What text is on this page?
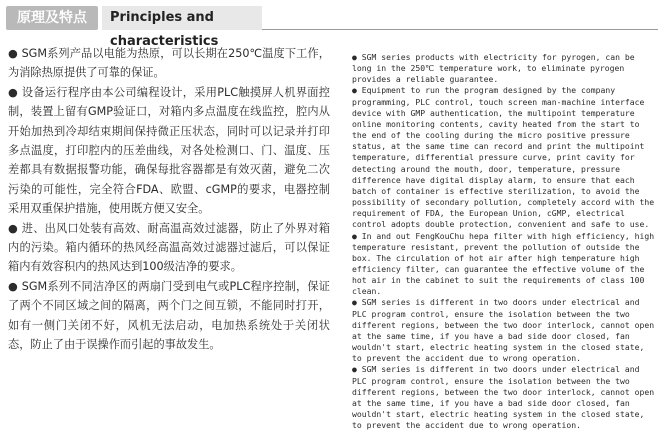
原理及特点	Principles and characteristics

● SGM系列产品以电能为热原，可以长期在250℃温度下工作，为消除热原提供了可靠的保证。

● 设备运行程序由本公司编程设计，采用PLC触摸屏人机界面控制，装置上留有GMP验证口，对箱内多点温度在线监控，腔内从开始加热到冷却结束期间保持微正压状态，同时可以记录并打印多点温度，打印腔内的压差曲线，对各处检测口、门、温度、压差都具有数据报警功能，确保每批容器都是有效灭菌，避免二次污染的可能性，完全符合FDA、欧盟、cGMP的要求，电器控制采用双重保护措施，使用既方便又安全。

● 进、出风口处装有高效、耐高温高效过滤器，防止了外界对箱内的污染。箱内循环的热风经高温高效过滤器过滤后，可以保证箱内有效容积内的热风达到100级洁净的要求。

● SGM系列不同洁净区的两扇门受到电气或PLC程序控制，保证了两个不同区域之间的隔离，两个门之间互锁，不能同时打开，如有一侧门关闭不好，风机无法启动，电加热系统处于关闭状态，防止了由于误操作而引起的事故发生。

● SGM series products with electricity for pyrogen, can be long in the 250℃ temperature work, to eliminate pyrogen provides a reliable guarantee.

● Equipment to run the program designed by the company programming, PLC control, touch screen man-machine interface device with GMP authentication, the multipoint temperature online monitoring contents, cavity heated from the start to the end of the cooling during the micro positive pressure status, at the same time can record and print the multipoint temperature, differential pressure curve, print cavity for detecting around the mouth, door, temperature, pressure difference have digital display alarm, to ensure that each batch of container is effective sterilization, to avoid the possibility of secondary pollution, completely accord with the requirement of FDA, the European Union, cGMP, electrical control adopts double protection, convenient and safe to use.

● In and out FengKouChu hepa filter with high efficiency, high temperature resistant, prevent the pollution of outside the box. The circulation of hot air after high temperature high efficiency filter, can guarantee the effective volume of the hot air in the cabinet to suit the requirements of class 100 clean.

● SGM series is different in two doors under electrical and PLC program control, ensure the isolation between the two different regions, between the two door interlock, cannot open at the same time, if you have a bad side door closed, fan wouldn't start, electric heating system in the closed state, to prevent the accident due to wrong operation.

● SGM series is different in two doors under electrical and PLC program control, ensure the isolation between the two different regions, between the two door interlock, cannot open at the same time, if you have a bad side door closed, fan wouldn't start, electric heating system in the closed state, to prevent the accident due to wrong operation.
